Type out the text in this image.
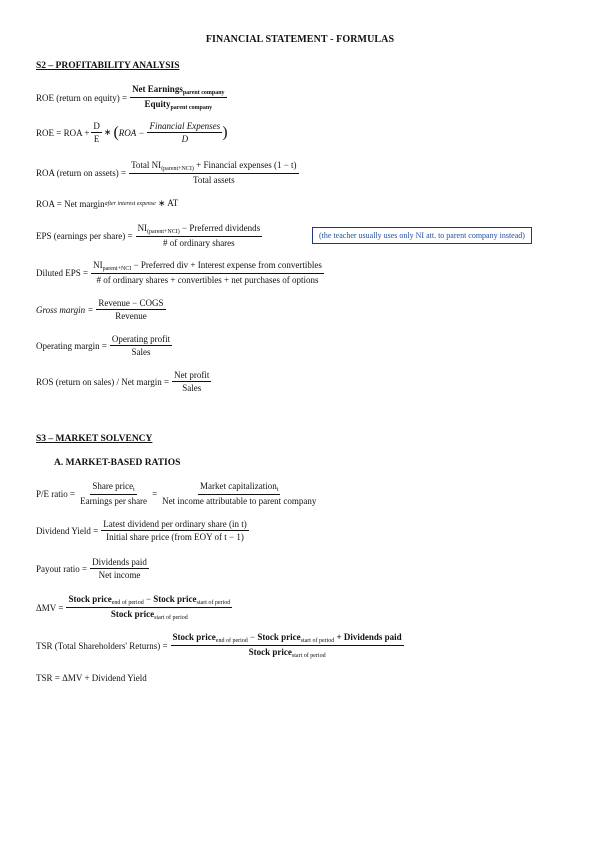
FINANCIAL STATEMENT - FORMULAS
S2 – PROFITABILITY ANALYSIS
ROE (return on equity) = $\frac{Net Earnings_{parent company}}{Equity_{parent company}}$
ROE = ROA + $\frac{D}{E}$ ∗ ( ROA − $\frac{\text{Financial Expenses}}{D}$ )
ROA (return on assets) = $\frac{Total NI_{(parent+NCI)} + Financial expenses (1 - t)}{\text{Total assets}}$
ROA = Net margin after interest expense
∗ AT
EPS (earnings per share) = $\frac{NI_{(parent+NCI)} - Preferred dividends}{\text{\# of ordinary shares}}$	(the teacher usually uses only NI att. to parent company instead)
Diluted EPS =
$NI_{parent+NCI}$ − Preferred div + Interest expense from convertibles
# of ordinary shares + convertibles + net purchases of options
Gross margin = $\frac{\text{Revenue − COGS}}{\text{Revenue}}$
Operating margin = $\frac{\text{Operating profit}}{\text{Sales}}$
ROS (return on sales) / Net margin = $\frac{\text{Net profit}}{\text{Sales}}$
S3 – MARKET SOLVENCY
A. MARKET-BASED RATIOS
P/E ratio = $\frac{Share price_t}{\text{Earnings per share}} = \frac{Market capitalization_t}{\text{Net income attributable to parent company}}$
Dividend Yield = $\frac{\text{Latest dividend per ordinary share (in t)}}{\text{Initial share price (from EOY of t − 1)}}$
Payout ratio = $\frac{\text{Dividends paid}}{\text{Net income}}$
$\Delta MV = \frac{Stock price_{end of period} - Stock price_{start of period}}{Stock price_{start of period}}$
TSR (Total Shareholders' Returns) =
Stock price$_{end of period}$ − Stock price$_{start of period}$ + Dividends paid
Stock price$_{start of period}$
TSR = ΔMV + Dividend Yield
